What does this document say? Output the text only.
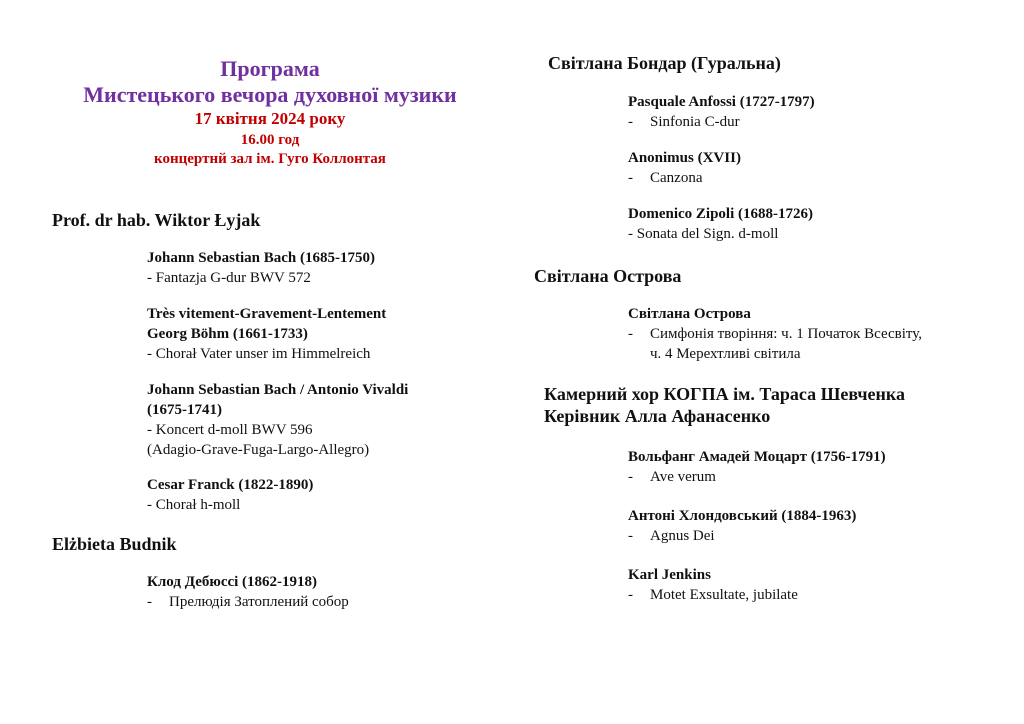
Програма
Мистецького вечора духовної музики
17 квітня 2024 року
16.00 год
концертнй зал ім. Гуго Коллонтая
Prof. dr hab. Wiktor Łyjak
Johann Sebastian Bach (1685-1750)
- Fantazja G-dur BWV 572
Très vitement-Gravement-Lentement
Georg Böhm (1661-1733)
- Chorał Vater unser im Himmelreich
Johann Sebastian Bach / Antonio Vivaldi
(1675-1741)
- Koncert d-moll BWV 596
(Adagio-Grave-Fuga-Largo-Allegro)
Cesar Franck (1822-1890)
- Chorał h-moll
Elżbieta Budnik
Клод Дебюссі (1862-1918)
- Прелюдія Затоплений собор
Світлана Бондар (Гуральна)
Pasquale Anfossi (1727-1797)
- Sinfonia C-dur
Anonimus (XVII)
- Canzona
Domenico Zipoli (1688-1726)
- Sonata del Sign. d-moll
Світлана Острова
Світлана Острова
- Симфонія творіння: ч. 1 Початок Всесвіту,
ч. 4 Мерехтливі світила
Камерний хор КОГПА ім. Тараса Шевченка
Керівник Алла Афанасенко
Вольфанг Амадей Моцарт (1756-1791)
- Ave verum
Антоні Хлондовський (1884-1963)
- Agnus Dei
Karl Jenkins
- Motet Exsultate, jubilate
